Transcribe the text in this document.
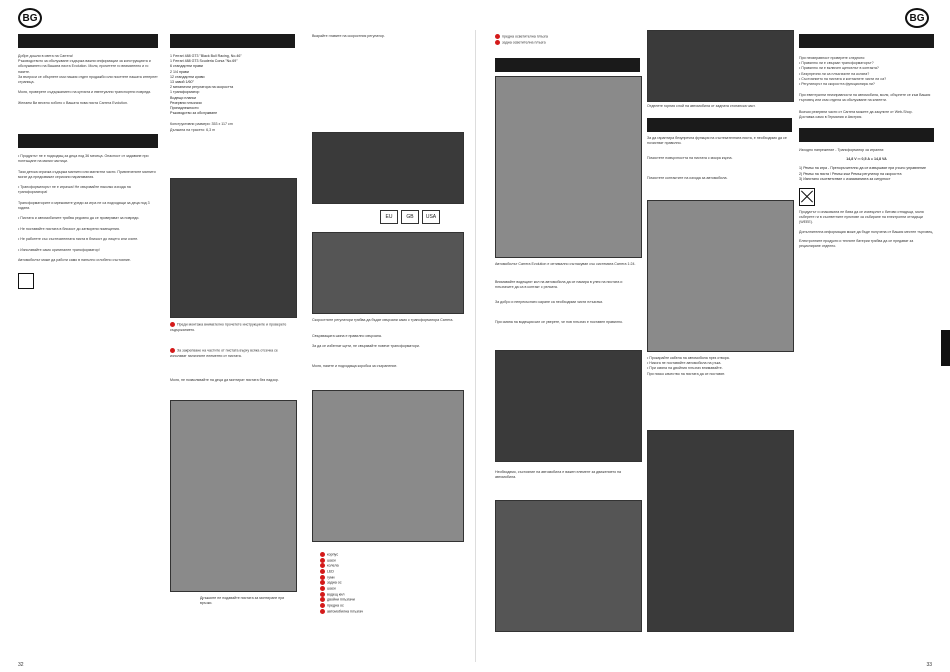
BG
Добре дошли в света на Carrera!
Ръководството за обслужване съдържа важни информации за конструкцията и обслужването на Вашата писта Evolution. Моля, прочетете го внимателно и го пазете.
За въпроси се обърнете към нашия отдел продажби или посетете нашата интернет страница.

Моля, проверете съдържанието на кутията и евентуални транспортни повреди.

Желаем Ви весело хобито с Вашата нова писта Carrera Evolution.
• Продуктът не е подходящ за деца под 36 месеца. Опасност от задавяне при поглъщане на малки частици.

Тази детска играчка съдържа магнити или магнитни части. Привлечените магнити могат да предизвикат сериозни наранявания.

• Трансформаторът не е играчка! Не свързвайте няколко изхода на трансформатора!

Трансформаторите и мрежовите уреди за игра не са подходящи за деца под 3 години.

• Пистата и автомобилите трябва редовно да се проверяват за повреди.

• Не поставяйте пистата в близост до затворени помещения.

• Не работете със състезателната писта в близост до лицето или очите.

• Използвайте само оригинален трансформатор!

Автомобилът може да работи само в напълно сглобено състояние.
1 Ferrari 488 GT3 "Black Bull Racing, No.46"
1 Ferrari 488 GT3 Scuderia Corsa "No.69"
6 стандартни прави
2 1/4 прави
12 стандартни криви
13 завой 1/60°
2 механични регулатора на скоростта
1 трансформатор
Водещи планки
Резервни плъзгачи
Принадлежности
Ръководство за обслужване
Конструктивни размери: 353 x 117 cm
Дължина на трасето: 6,3 m
Преди монтажа внимателно прочетете инструкциите и проверете съдържанието.
За закрепване на частите от пистата върху всяка отсечка се използват наличните елементи от пистата.
Моля, не позволявайте на деца да монтират пистата без надзор.
Дръжките не подавайте пистата за монтиране при връзки.
Вкарайте главите на скоростния регулатор.
EU	GB USA
Скоростните регулатори трябва да бъдат свързани само с трансформатора Carrera.
Свързващата шина е правилно свързана.
За да се избегнат щети, не свързвайте повече трансформатори.
Моля, пазете и подходяща коробка за съхранение.
корпус
шаси
колела
LED
гуми
задна ос
шаси
водещ кил
двойни плъзгачи
предна ос
автомобилна плъзгач
32
предна осветителна плъзга
задна осветителна плъзга
Автомобилът Carrera Evolution е оптимално съгласуван със системата Carrera 1:24.
Внимавайте водещият кил на автомобила да се намира в улея на пистата и плъзгачите да са в контакт с релсата.
За добро и непрекъснато каране са необходими чисти плъзгачи.
При смяна на водещия кил се уверете, че нов плъзгач е поставен правилно.
Необходимо, състояние на автомобила е важен елемент за движението на автомобила.
Отделете горния слой на автомобила от задната стопанска част.
За да гарантира безупречна функция на състезателната писта, е необходимо да се почистват правилно.
Почистете повърхността на пистата с мокра кърпа.
Почистете контактите на изхода за автомобила.
• Прокарайте кабела на автомобила през отвора.
• Никога не поставяйте автомобила на ръка.
• При смяна на двойния плъзгач внимавайте.
При ниско качество на пистата да се поставят.
BG
При неизправност проверете следното:
• Правилно ли е свързан трансформаторът?
• Правилно ли е включен щепселът в контакта?
• Безупречни ли са плъзгачите на колата?
• Състоянието на пистата и контактите чисти ли са?
• Регулаторът на скоростта функционира ли?
При евентуални неизправности на автомобила, моля, обърнете се към Вашия търговец или към отдела за обслужване на клиенти.
Всички резервни части от Carrera можете да закупите от Web-Shop.
Доставка само в Германия и Австрия.
Изходно напрежение - Трансформатор за игрални:
14,8 V ⎓ 0,5 A = 14,8 VA
1) Ремък на игра - Препоръчително да се извършват при ръчно управление
2) Ремък на писта / Ремък към Ремък регулатор на скоростта
3) Изпитано съответствие с изискванията за сигурност
Продуктът и опаковката не бива да се изхвърлят с битови отпадъци, моля съберете ги в съответните пунктове за събиране на електронни отпадъци (WEEE).
Допълнителна информация може да бъде получена от Вашия местен търговец.
Електронните продукти и техните батерии трябва да се предават за рециклиране отделно.
33
